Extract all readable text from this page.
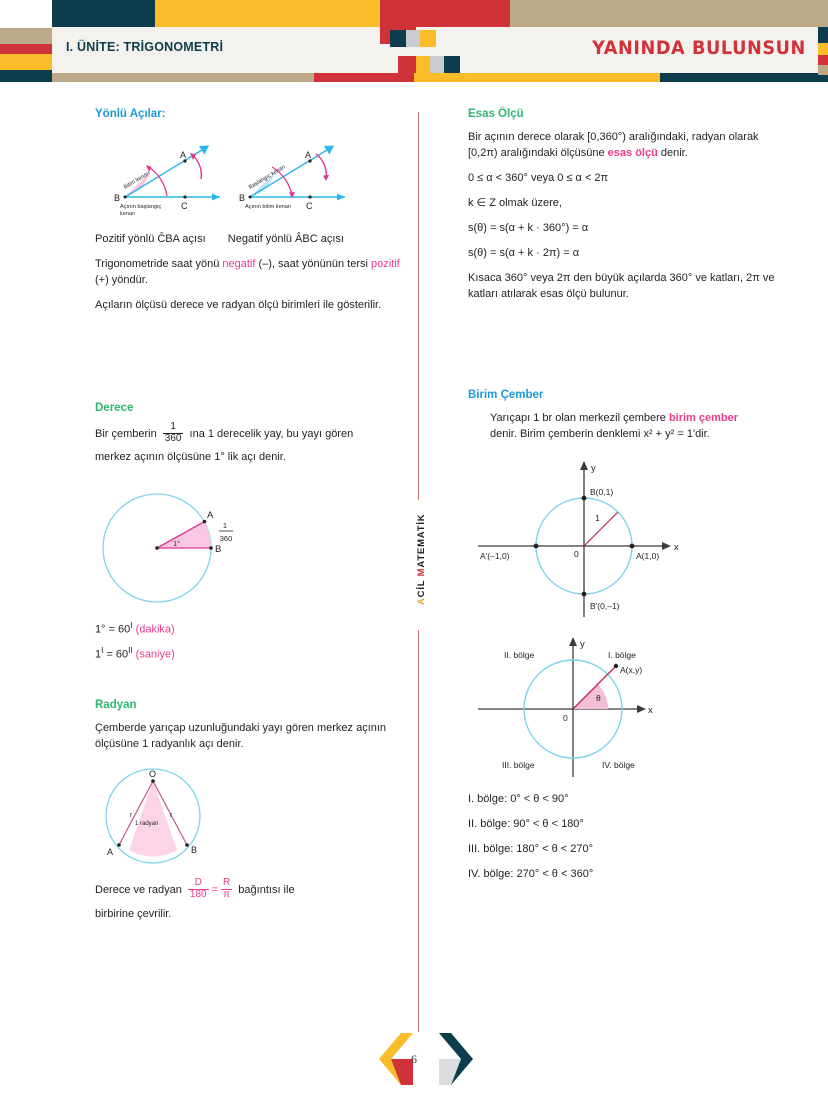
I. ÜNİTE: TRİGONOMETRİ	YANINDA BULUNSUN
ACİL MATEMATİK
Yönlü Açılar:
B
A
C
Bitim kenarı
Açının başlangıç
kenarı
B
A
C
Başlangıç kenarı
Açının bitim kenarı
Pozitif yönlü ĈBA açısı Negatif yönlü ÂBC açısı

Trigonometride saat yönü negatif (–), saat yönünün tersi pozitif (+) yöndür.

Açıların ölçüsü derece ve radyan ölçü birimleri ile gösterilir.

Derece

Bir çemberin $\frac{1}{360}$ ına 1 derecelik yay, bu yayı gören
merkez açının ölçüsüne 1° lik açı denir.

A
B
1°
1
360

$1^\circ = 60^I$ (dakika)

$1^I = 60^{II}$ (saniye)

Radyan

Çemberde yarıçap uzunluğundaki yayı gören merkez açının ölçüsüne 1 radyanlık açı denir.

O
A	B
r	r
1 radyan

Derece ve radyan $\frac{D}{180} = \frac{R}{\pi}$ bağıntısı ile
birbirine çevrilir.

Esas Ölçü

Bir açının derece olarak [0,360°) aralığındaki, radyan olarak [0,2π) aralığındaki ölçüsüne esas ölçü denir.

0 ≤ α < 360° veya 0 ≤ α < 2π

k ∈ Z olmak üzere,

s(θ) = s(α + k · 360°) = α

s(θ) = s(α + k · 2π) = α

Kısaca 360° veya 2π den büyük açılarda 360° ve katları, 2π ve katları atılarak esas ölçü bulunur.

Birim Çember

Yarıçapı 1 br olan merkezil çembere birim çember
denir. Birim çemberin denklemi x² + y² = 1'dir.

x
y
0
B(0,1)
B'(0,–1)
A'(–1,0)	A(1,0)
1
x
y
0
θ
A(x,y)
II. bölge	I. bölge
III. bölge	IV. bölge

I. bölge: 0° < θ < 90°

II. bölge: 90° < θ < 180°

III. bölge: 180° < θ < 270°

IV. bölge: 270° < θ < 360°

6
